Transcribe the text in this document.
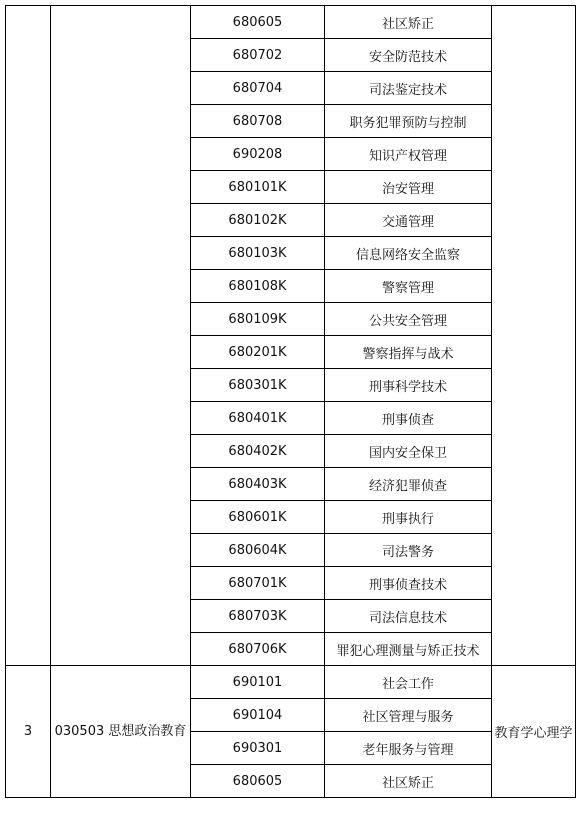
		680605	社区矫正	
		680702	安全防范技术	
		680704	司法鉴定技术	
		680708	职务犯罪预防与控制	
		690208	知识产权管理	
		680101K	治安管理	
		680102K	交通管理	
		680103K	信息网络安全监察	
		680108K	警察管理	
		680109K	公共安全管理	
		680201K	警察指挥与战术	
		680301K	刑事科学技术	
		680401K	刑事侦查	
		680402K	国内安全保卫	
		680403K	经济犯罪侦查	
		680601K	刑事执行	
		680604K	司法警务	
		680701K	刑事侦查技术	
		680703K	司法信息技术	
		680706K	罪犯心理测量与矫正技术	
3	030503 思想政治教育	690101	社会工作	教育学心理学
		690104	社区管理与服务	
		690301	老年服务与管理	
		680605	社区矫正	
